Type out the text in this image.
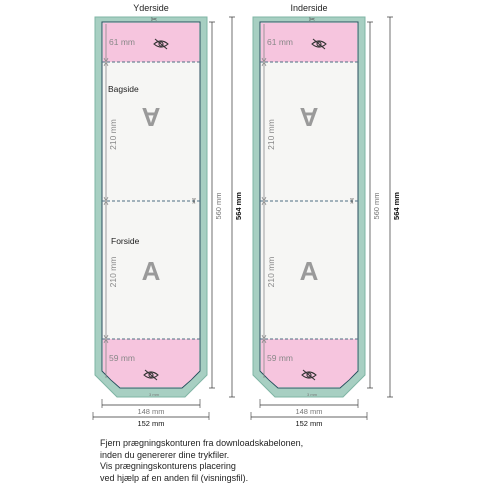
Yderside
✂
✂
61 mm
59 mm
Bagside
Forside
210 mm
210 mm
A
A
3 mm
560 mm 564 mm
148 mm
152 mm
Inderside
✂
✂
61 mm
59 mm
210 mm
210 mm
A
A
3 mm
560 mm 564 mm
148 mm
152 mm
Fjern prægningskonturen fra downloadskabelonen,
inden du genererer dine trykfiler.
Vis prægningskonturens placering
ved hjælp af en anden fil (visningsfil).
